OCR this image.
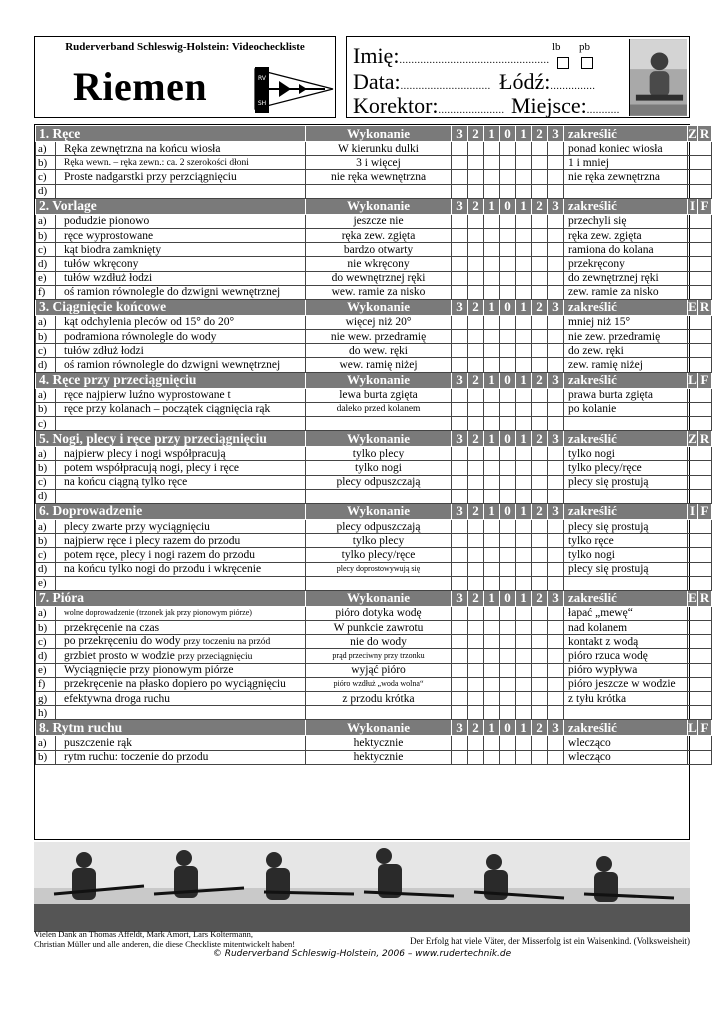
Ruderverband Schleswig-Holstein: Videocheckliste
Riemen	RV
SH
Imię:..................................................
lb pb
Data:.............................. Łódź:...............
Korektor:...................... Miejsce:...........
1. Ręce		Wykonanie	3	2	1	0	1	2	3	zakreślić	Z	R
a)	Ręka zewnętrzna na końcu wiosła	W kierunku dulki								ponad koniec wiosła		
b)	Ręka wewn. – ręka zewn.: ca. 2 szerokości dłoni	3 i więcej								1 i mniej		
c)	Proste nadgarstki przy perzciągnięciu	nie ręka wewnętrzna								nie ręka zewnętrzna		
d)												
2. Vorlage		Wykonanie	3	2	1	0	1	2	3	zakreślić	I	F
a)	podudzie pionowo	jeszcze nie								przechyli się		
b)	ręce wyprostowane	ręka zew. zgięta								ręka zew. zgięta		
c)	kąt biodra zamknięty	bardzo otwarty								ramiona do kolana		
d)	tułów wkręcony	nie wkręcony								przekręcony		
e)	tułów wzdłuż łodzi	do wewnętrznej ręki								do zewnętrznej ręki		
f)	oś ramion równolegle do dzwigni wewnętrznej	wew. ramie za nisko								zew. ramie za nisko		
3. Ciągnięcie końcowe		Wykonanie	3	2	1	0	1	2	3	zakreślić	E	R
a)	kąt odchylenia pleców od 15° do 20°	więcej niż 20°								mniej niż 15°		
b)	podramiona równolegle do wody	nie wew. przedramię								nie zew. przedramię		
c)	tułów zdłuż łodzi	do wew. ręki								do zew. ręki		
d)	oś ramion równolegle do dzwigni wewnętrznej	wew. ramię niżej								zew. ramię niżej		
4. Ręce przy przeciągnięciu		Wykonanie	3	2	1	0	1	2	3	zakreślić	L	F
a)	ręce najpierw luźno wyprostowane t	lewa burta zgięta								prawa burta zgięta		
b)	ręce przy kolanach – początek ciągnięcia rąk	daleko przed kolanem								po kolanie		
c)												
5. Nogi, plecy i ręce przy przeciągnięciu		Wykonanie	3	2	1	0	1	2	3	zakreślić	Z	R
a)	najpierw plecy i nogi współpracują	tylko plecy								tylko nogi		
b)	potem współpracują nogi, plecy i ręce	tylko nogi								tylko plecy/ręce		
c)	na końcu ciągną tylko ręce	plecy odpuszczają								plecy się prostują		
d)												
6. Doprowadzenie		Wykonanie	3	2	1	0	1	2	3	zakreślić	I	F
a)	plecy zwarte przy wyciągnięciu	plecy odpuszczają								plecy się prostują		
b)	najpierw ręce i plecy razem do przodu	tylko plecy								tylko ręce		
c)	potem ręce, plecy i nogi razem do przodu	tylko plecy/ręce								tylko nogi		
d)	na końcu tylko nogi do przodu i wkręcenie	plecy doprostowywują się								plecy się prostują		
e)												
7. Pióra		Wykonanie	3	2	1	0	1	2	3	zakreślić	E	R
a)	wolne doprowadzenie (trzonek jak przy pionowym piórze)	pióro dotyka wodę								łapać „mewę“		
b)	przekręcenie na czas	W punkcie zawrotu								nad kolanem		
c)	po przekręceniu do wody przy toczeniu na przód	nie do wody								kontakt z wodą		
d)	grzbiet prosto w wodzie przy przeciągnięciu	prąd przeciwny przy trzonku								pióro rzuca wodę		
e)	Wyciągnięcie przy pionowym piórze	wyjąć pióro								pióro wypływa		
f)	przekręcenie na płasko dopiero po wyciągnięciu	pióro wzdłuż „woda wolna“								pióro jeszcze w wodzie		
g)	efektywna droga ruchu	z przodu krótka								z tyłu krótka		
h)												
8. Rytm ruchu		Wykonanie	3	2	1	0	1	2	3	zakreślić	L	F
a)	puszczenie rąk	hektycznie								wlecząco		
b)	rytm ruchu: toczenie do przodu	hektycznie								wlecząco		
Vielen Dank an Thomas Affeldt, Mark Amort, Lars Koltermann,
Christian Müller und alle anderen, die diese Checkliste mitentwickelt haben!	Der Erfolg hat viele Väter, der Misserfolg ist ein Waisenkind. (Volksweisheit)
© Ruderverband Schleswig-Holstein, 2006 – www.rudertechnik.de
